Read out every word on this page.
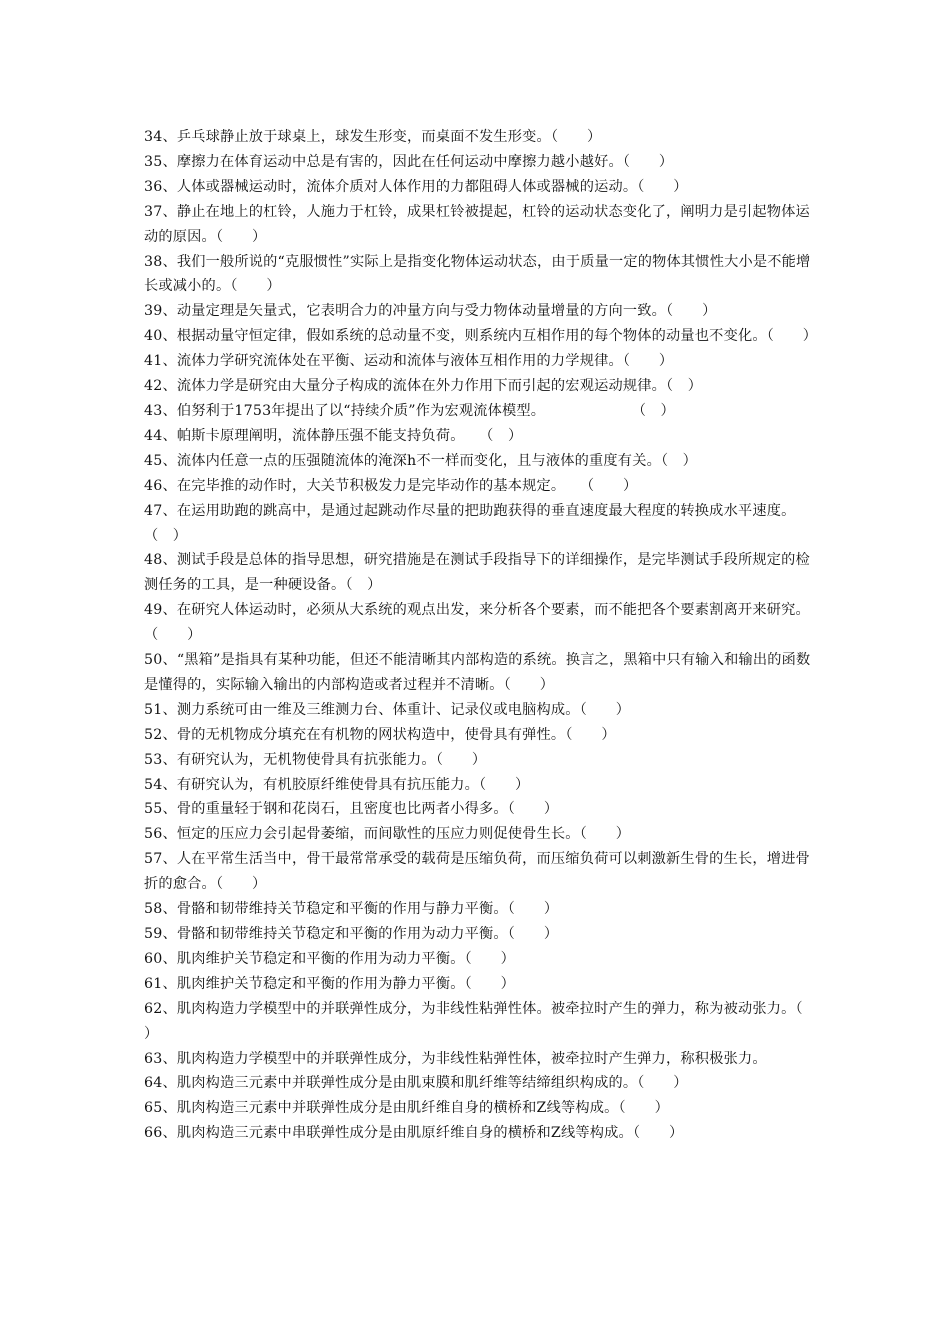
34、乒乓球静止放于球桌上，球发生形变，而桌面不发生形变。（　　）

35、摩擦力在体育运动中总是有害的，因此在任何运动中摩擦力越小越好。（　　）

36、人体或器械运动时，流体介质对人体作用的力都阻碍人体或器械的运动。（　　）

37、静止在地上的杠铃，人施力于杠铃，成果杠铃被提起，杠铃的运动状态变化了，阐明力是引起物体运动的原因。（　　）

38、我们一般所说的“克服惯性”实际上是指变化物体运动状态，由于质量一定的物体其惯性大小是不能增长或减小的。（　　）

39、动量定理是矢量式，它表明合力的冲量方向与受力物体动量增量的方向一致。（　　）

40、根据动量守恒定律，假如系统的总动量不变，则系统内互相作用的每个物体的动量也不变化。（　　）

41、流体力学研究流体处在平衡、运动和流体与液体互相作用的力学规律。（　　）

42、流体力学是研究由大量分子构成的流体在外力作用下而引起的宏观运动规律。（　）

43、伯努利于1753年提出了以“持续介质”作为宏观流体模型。　　　　　　　（　）

44、帕斯卡原理阐明，流体静压强不能支持负荷。　　（　）

45、流体内任意一点的压强随流体的淹深h不一样而变化，且与液体的重度有关。（　）

46、在完毕推的动作时，大关节积极发力是完毕动作的基本规定。　　（　　）

47、在运用助跑的跳高中，是通过起跳动作尽量的把助跑获得的垂直速度最大程度的转换成水平速度。　　（　）

48、测试手段是总体的指导思想，研究措施是在测试手段指导下的详细操作，是完毕测试手段所规定的检测任务的工具，是一种硬设备。（　）

49、在研究人体运动时，必须从大系统的观点出发，来分析各个要素，而不能把各个要素割离开来研究。（　　）

50、“黑箱”是指具有某种功能，但还不能清晰其内部构造的系统。换言之，黑箱中只有输入和输出的函数是懂得的，实际输入输出的内部构造或者过程并不清晰。（　　）

51、测力系统可由一维及三维测力台、体重计、记录仪或电脑构成。（　　）

52、骨的无机物成分填充在有机物的网状构造中，使骨具有弹性。（　　）

53、有研究认为，无机物使骨具有抗张能力。（　　）

54、有研究认为，有机胶原纤维使骨具有抗压能力。（　　）

55、骨的重量轻于钢和花岗石，且密度也比两者小得多。（　　）

56、恒定的压应力会引起骨萎缩，而间歇性的压应力则促使骨生长。（　　）

57、人在平常生活当中，骨干最常常承受的载荷是压缩负荷，而压缩负荷可以刺激新生骨的生长，增进骨折的愈合。（　　）

58、骨骼和韧带维持关节稳定和平衡的作用与静力平衡。（　　）

59、骨骼和韧带维持关节稳定和平衡的作用为动力平衡。（　　）

60、肌肉维护关节稳定和平衡的作用为动力平衡。（　　）

61、肌肉维护关节稳定和平衡的作用为静力平衡。（　　）

62、肌肉构造力学模型中的并联弹性成分，为非线性粘弹性体。被牵拉时产生的弹力，称为被动张力。（　　）

63、肌肉构造力学模型中的并联弹性成分，为非线性粘弹性体，被牵拉时产生弹力，称积极张力。

64、肌肉构造三元素中并联弹性成分是由肌束膜和肌纤维等结缔组织构成的。（　　）

65、肌肉构造三元素中并联弹性成分是由肌纤维自身的横桥和Z线等构成。（　　）

66、肌肉构造三元素中串联弹性成分是由肌原纤维自身的横桥和Z线等构成。（　　）
